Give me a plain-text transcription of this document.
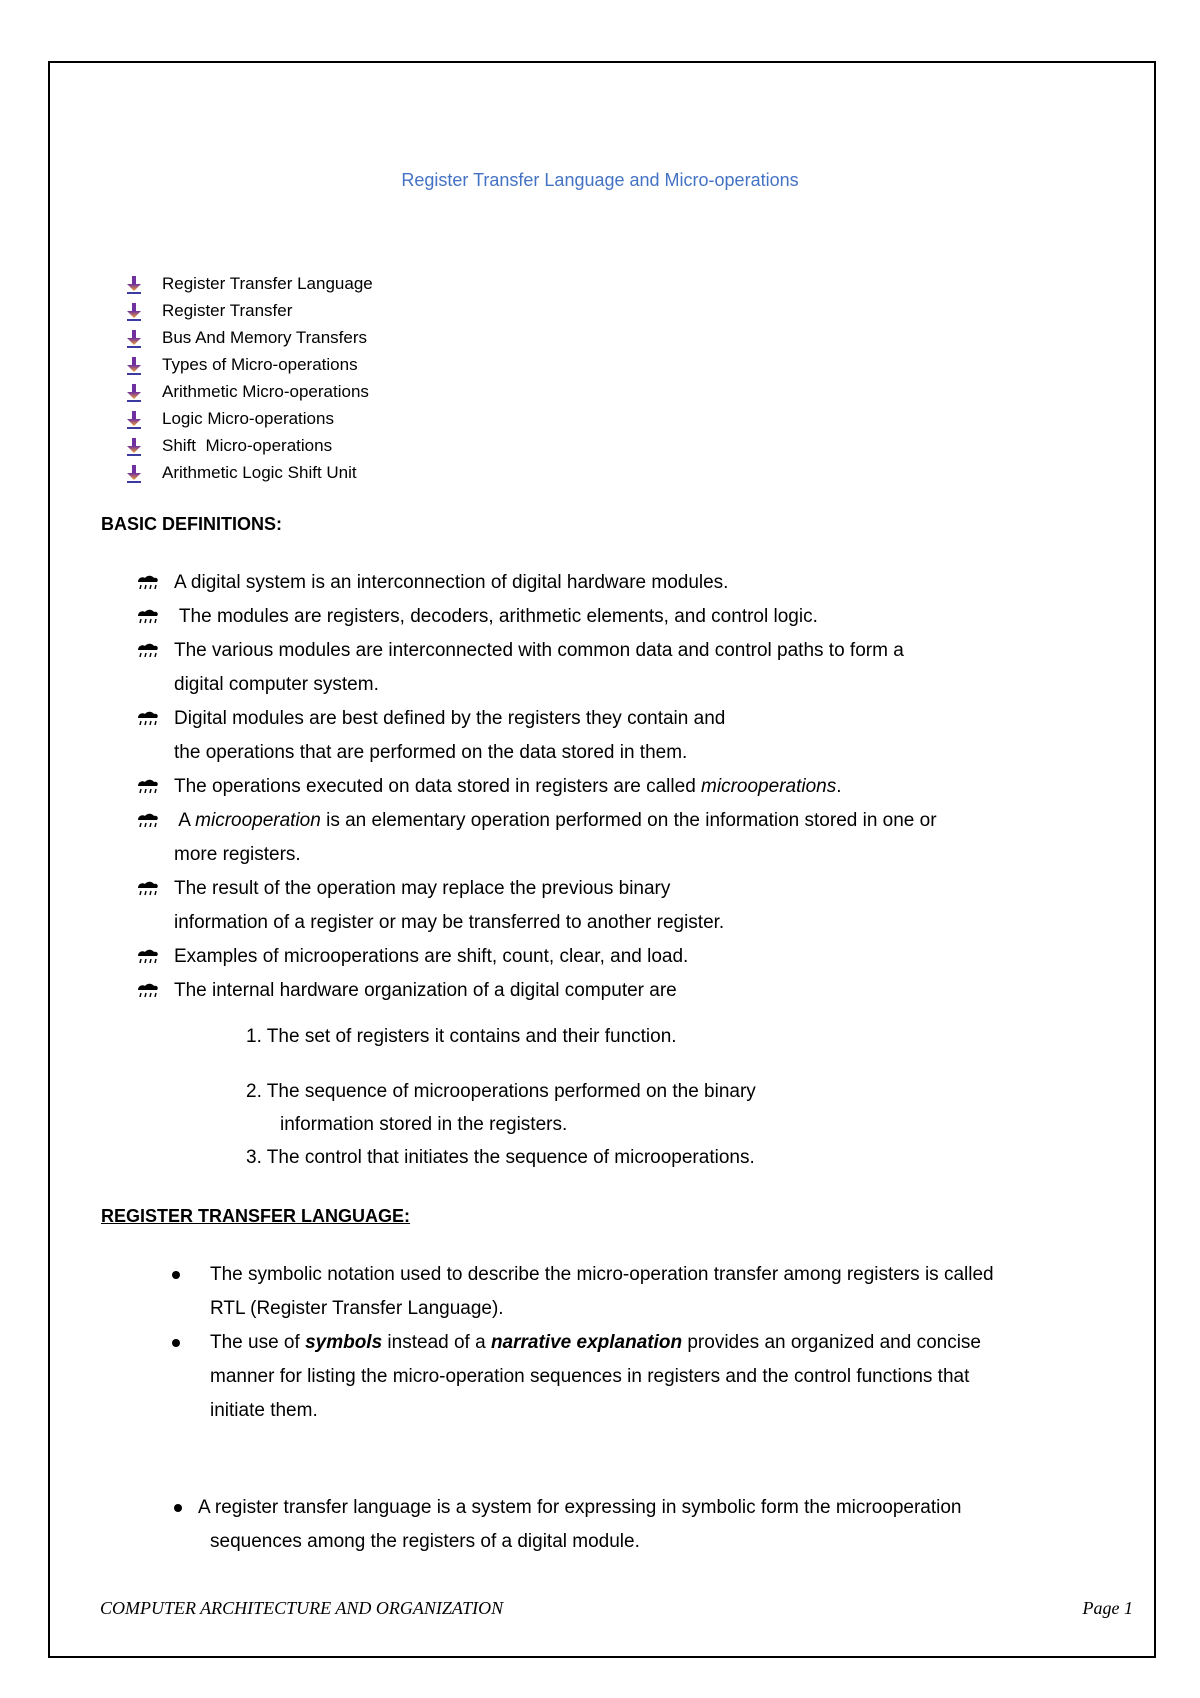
Register Transfer Language and Micro-operations
Register Transfer Language
Register Transfer
Bus And Memory Transfers
Types of Micro-operations
Arithmetic Micro-operations
Logic Micro-operations
Shift  Micro-operations
Arithmetic Logic Shift Unit
BASIC DEFINITIONS:
A digital system is an interconnection of digital hardware modules.
The modules are registers, decoders, arithmetic elements, and control logic.
The various modules are interconnected with common data and control paths to form a
digital computer system.
Digital modules are best defined by the registers they contain and
the operations that are performed on the data stored in them.
The operations executed on data stored in registers are called microoperations.
A microoperation is an elementary operation performed on the information stored in one or
more registers.
The result of the operation may replace the previous binary
information of a register or may be transferred to another register.
Examples of microoperations are shift, count, clear, and load.
The internal hardware organization of a digital computer are
1. The set of registers it contains and their function.
2. The sequence of microoperations performed on the binary
information stored in the registers.
3. The control that initiates the sequence of microoperations.
REGISTER TRANSFER LANGUAGE:
The symbolic notation used to describe the micro-operation transfer among registers is called
RTL (Register Transfer Language).
The use of symbols instead of a narrative explanation provides an organized and concise
manner for listing the micro-operation sequences in registers and the control functions that
initiate them.
A register transfer language is a system for expressing in symbolic form the microoperation
sequences among the registers of a digital module.
COMPUTER ARCHITECTURE AND ORGANIZATION	Page 1
